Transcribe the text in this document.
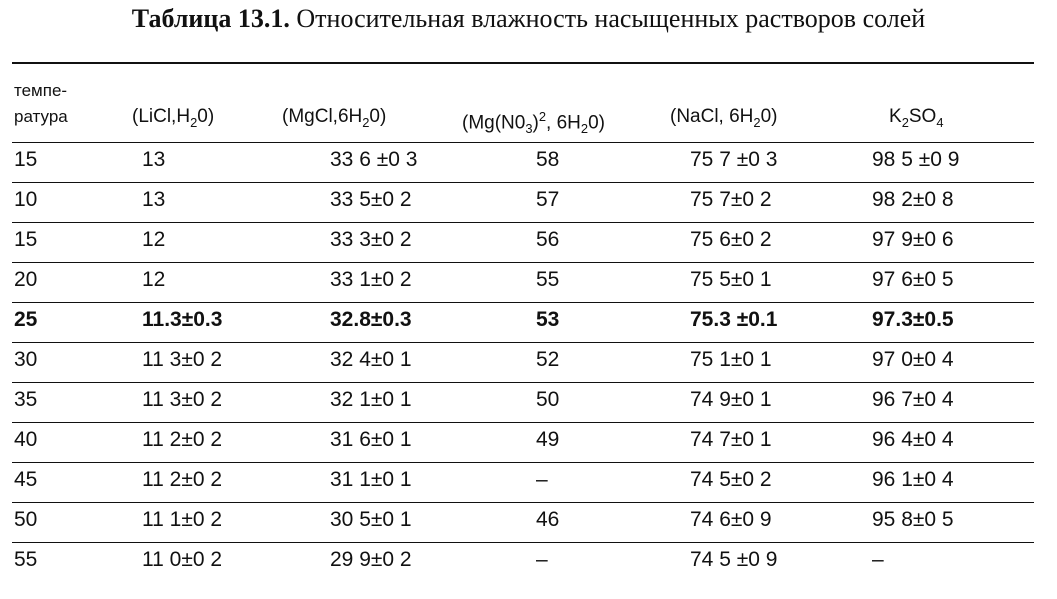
Таблица 13.1. Относительная влажность насыщенных растворов солей
темпе-
ратура	$(LiCl,H_20)$	$(MgCl,6H_20)$	($Mg(N0_3)^2$, $6H_20$)	(NaCl, $6H_20$)	$K_2SO_4$
15	13	33 6 ±0 3	58	75 7 ±0 3	98 5 ±0 9
10	13	33 5±0 2	57	75 7±0 2	98 2±0 8
15	12	33 3±0 2	56	75 6±0 2	97 9±0 6
20	12	33 1±0 2	55	75 5±0 1	97 6±0 5
25	11.3±0.3	32.8±0.3	53	75.3 ±0.1	97.3±0.5
30	11 3±0 2	32 4±0 1	52	75 1±0 1	97 0±0 4
35	11 3±0 2	32 1±0 1	50	74 9±0 1	96 7±0 4
40	11 2±0 2	31 6±0 1	49	74 7±0 1	96 4±0 4
45	11 2±0 2	31 1±0 1	–	74 5±0 2	96 1±0 4
50	11 1±0 2	30 5±0 1	46	74 6±0 9	95 8±0 5
55	11 0±0 2	29 9±0 2	–	74 5 ±0 9	–
